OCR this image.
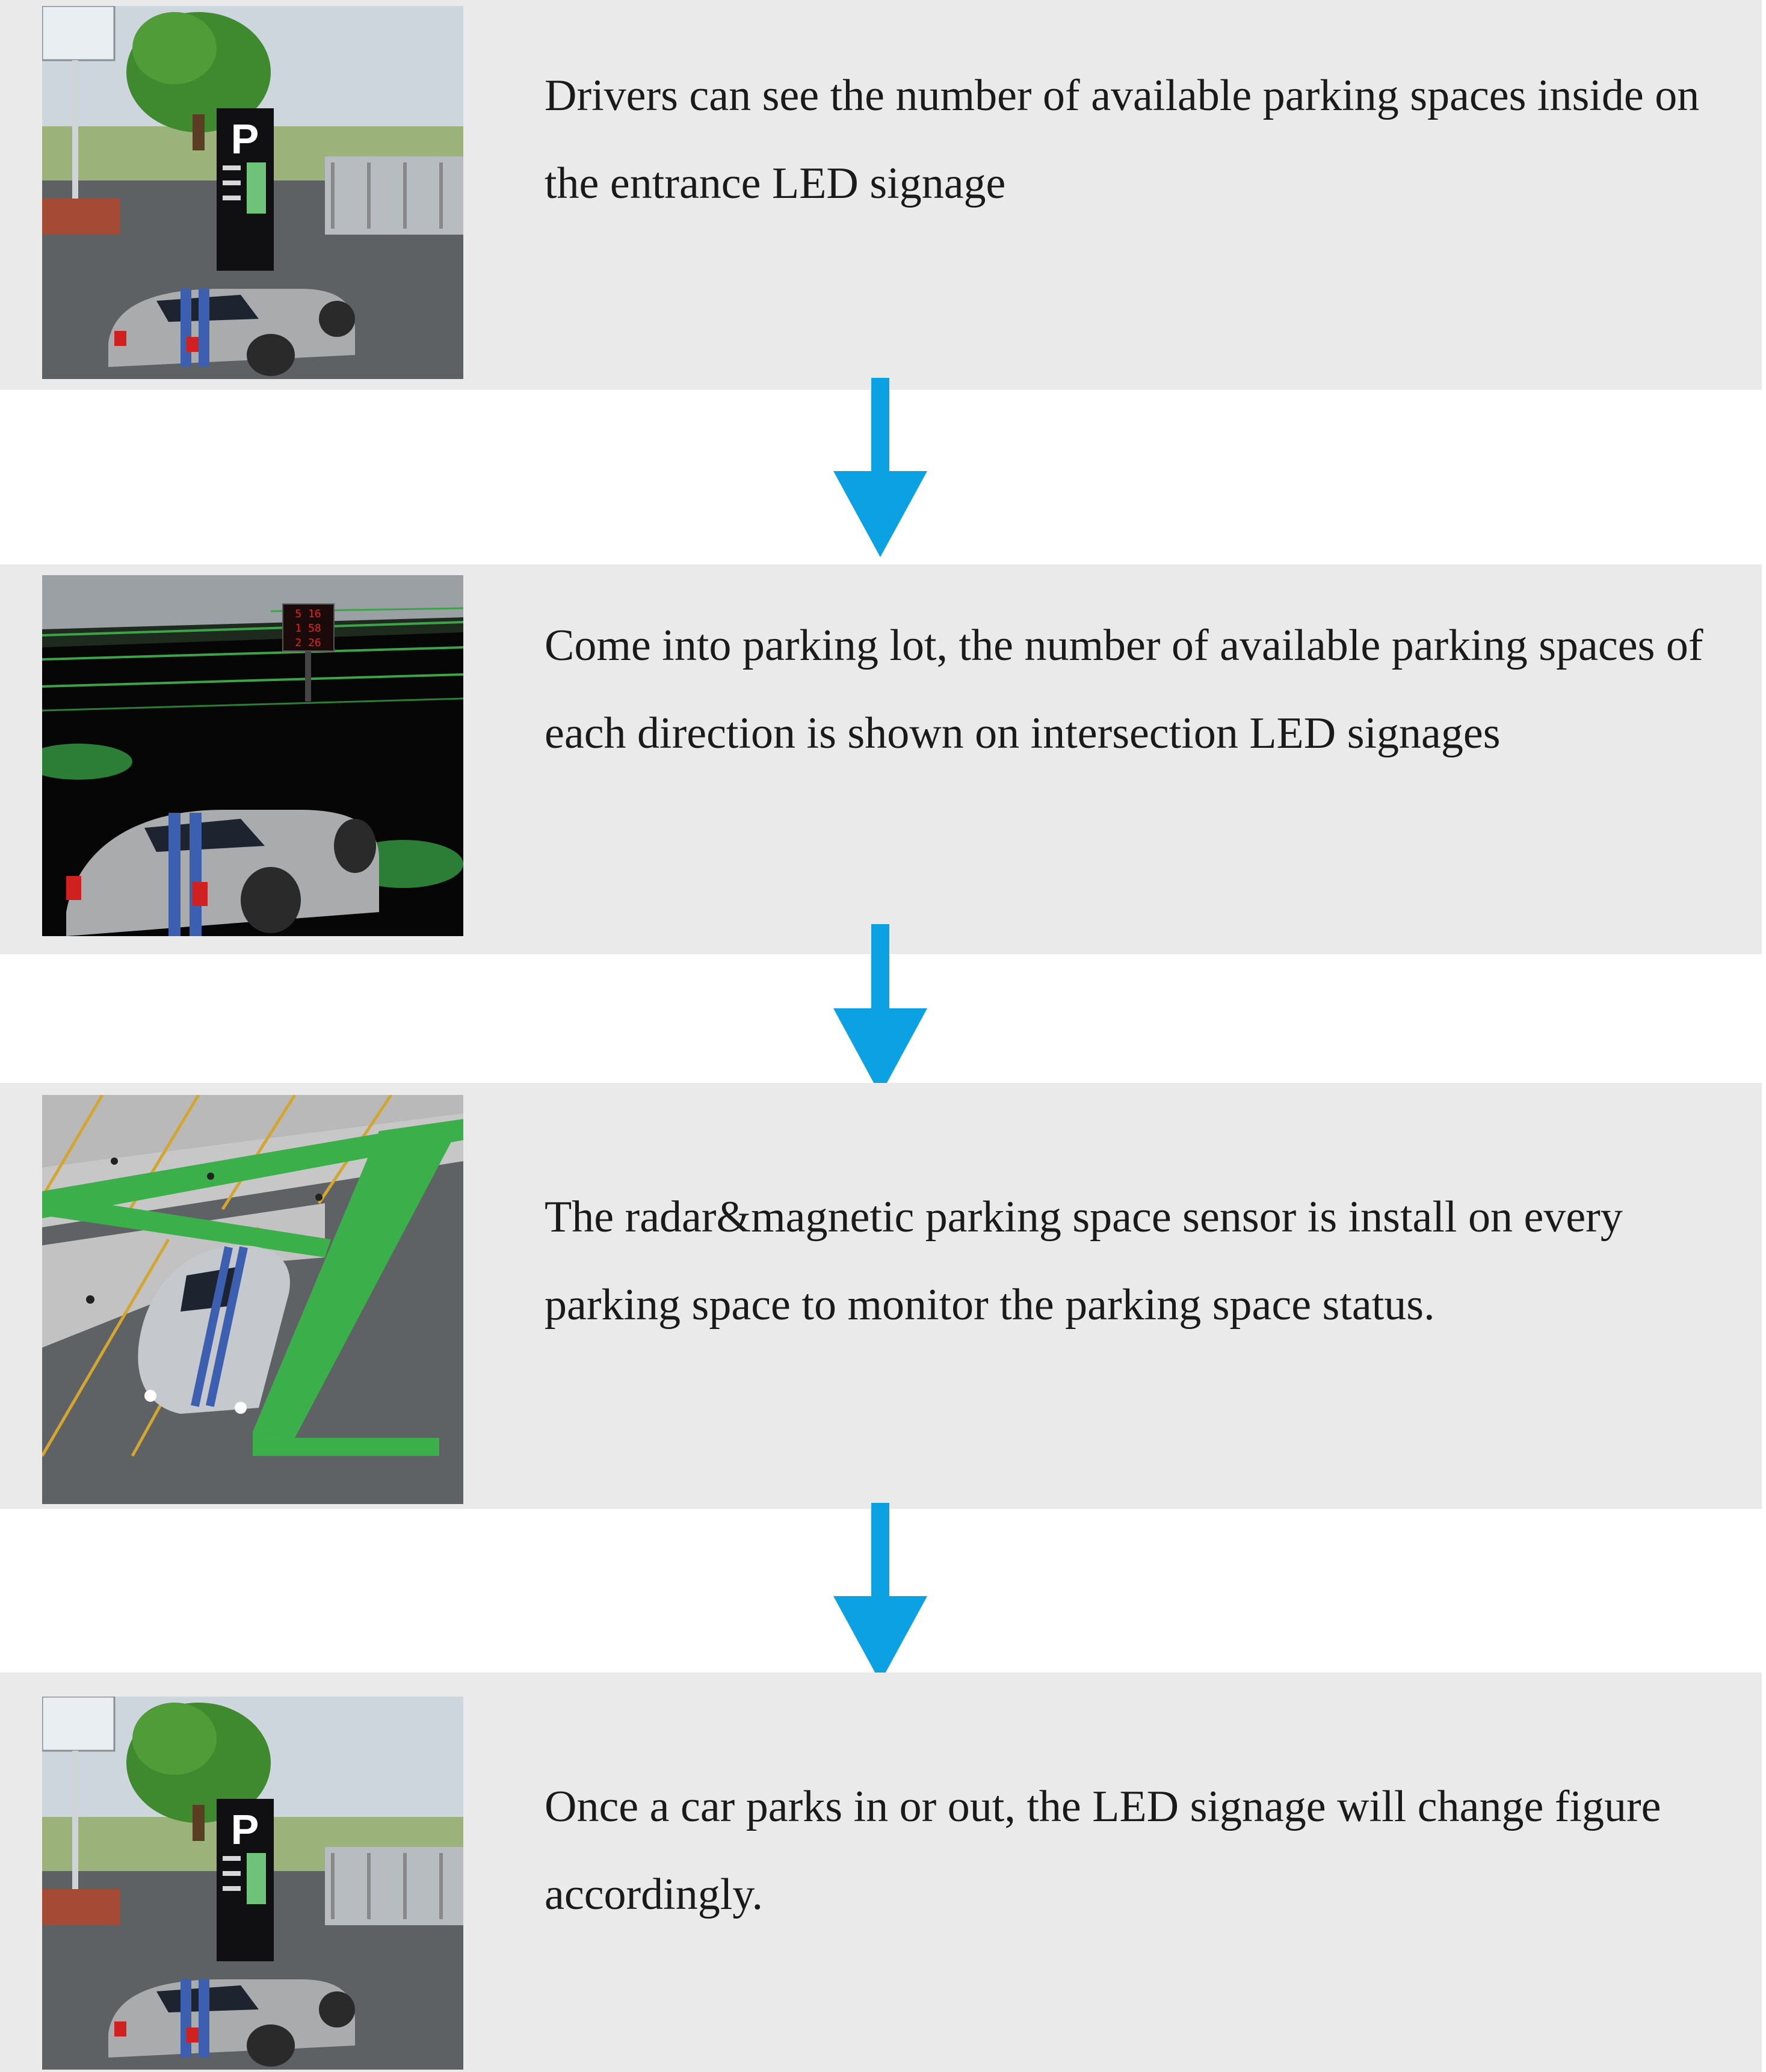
P
Drivers can see the number of available parking spaces inside on the entrance LED signage
5 16
1 58
2 26	Come into parking lot, the number of available parking spaces of each direction is shown on intersection LED signages
The radar&magnetic parking space sensor is install on every parking space to monitor the parking space status.
P	Once a car parks in or out, the LED signage will change figure accordingly.
